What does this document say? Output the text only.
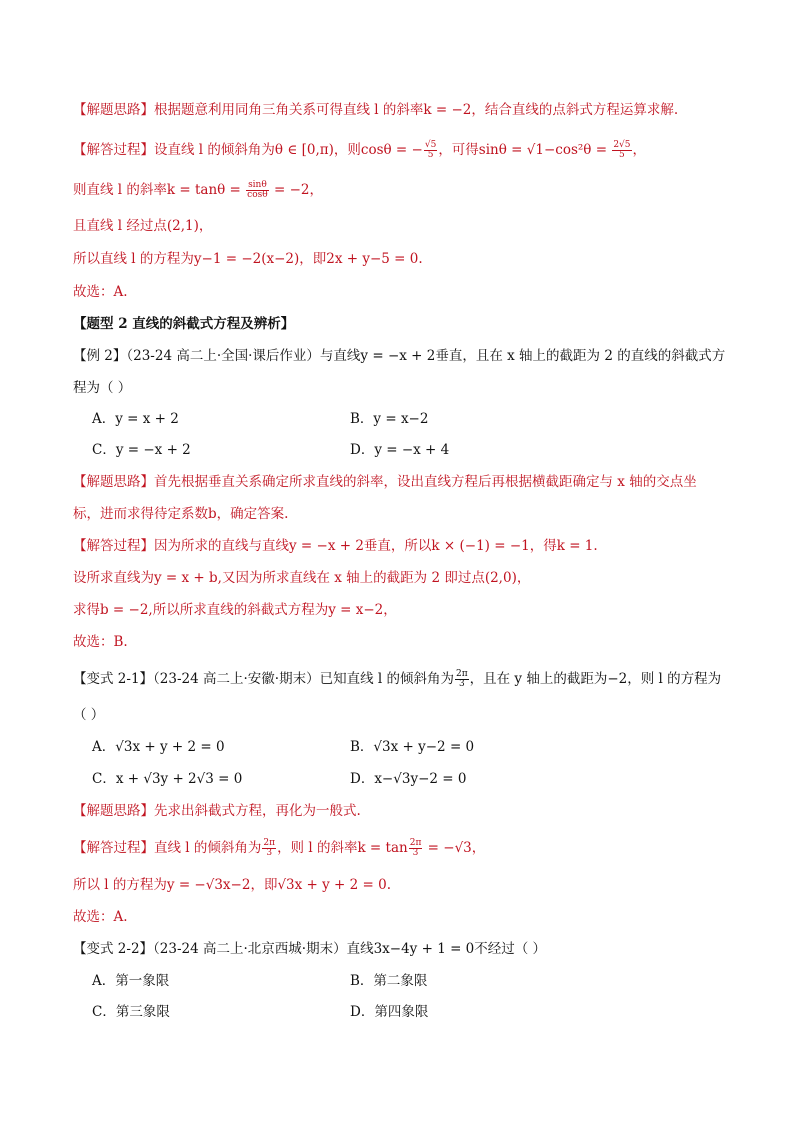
【解题思路】根据题意利用同角三角关系可得直线 l 的斜率k = −2，结合直线的点斜式方程运算求解.
【解答过程】设直线 l 的倾斜角为θ ∈ [0,π)，则cosθ = − $\frac{√5}{5}$ ，可得$\sin\theta = √1-\cos^2\theta = \frac{2√5}{5}$ ，
则直线 l 的斜率$k = \tan\theta = \frac{\sin\theta}{\cos\theta} = -2$，
且直线 l 经过点(2,1)，
所以直线 l 的方程为y−1 = −2(x−2)，即2x + y−5 = 0.
故选：A.
【题型 2 直线的斜截式方程及辨析】
【例 2】（23-24 高二上·全国·课后作业）与直线y = −x + 2垂直，且在 x 轴上的截距为 2 的直线的斜截式方
程为（ ）
A．y = x + 2	B．y = x−2
C．y = −x + 2	D．y = −x + 4
【解题思路】首先根据垂直关系确定所求直线的斜率，设出直线方程后再根据横截距确定与 x 轴的交点坐
标，进而求得待定系数b，确定答案.
【解答过程】因为所求的直线与直线y = −x + 2垂直，所以k × (−1) = −1，得k = 1.
设所求直线为y = x + b,又因为所求直线在 x 轴上的截距为 2 即过点(2,0)，
求得b = −2,所以所求直线的斜截式方程为y = x−2，
故选：B.
【变式 2-1】（23-24 高二上·安徽·期末）已知直线 l 的倾斜角为 $\frac{2\pi}{3}$ ，且在 y 轴上的截距为−2，则 l 的方程为
（ ）
A．√3x + y + 2 = 0	B．√3x + y−2 = 0
C．x + √3y + 2√3 = 0	D．x−√3y−2 = 0
【解题思路】先求出斜截式方程，再化为一般式.
【解答过程】直线 l 的倾斜角为 $\frac{2\pi}{3}$ ，则 l 的斜率$k = \tan \frac{2\pi}{3} = -√3$，
所以 l 的方程为y = −√3x−2，即√3x + y + 2 = 0.
故选：A.
【变式 2-2】（23-24 高二上·北京西城·期末）直线3x−4y + 1 = 0不经过（ ）
A．第一象限	B．第二象限
C．第三象限	D．第四象限
